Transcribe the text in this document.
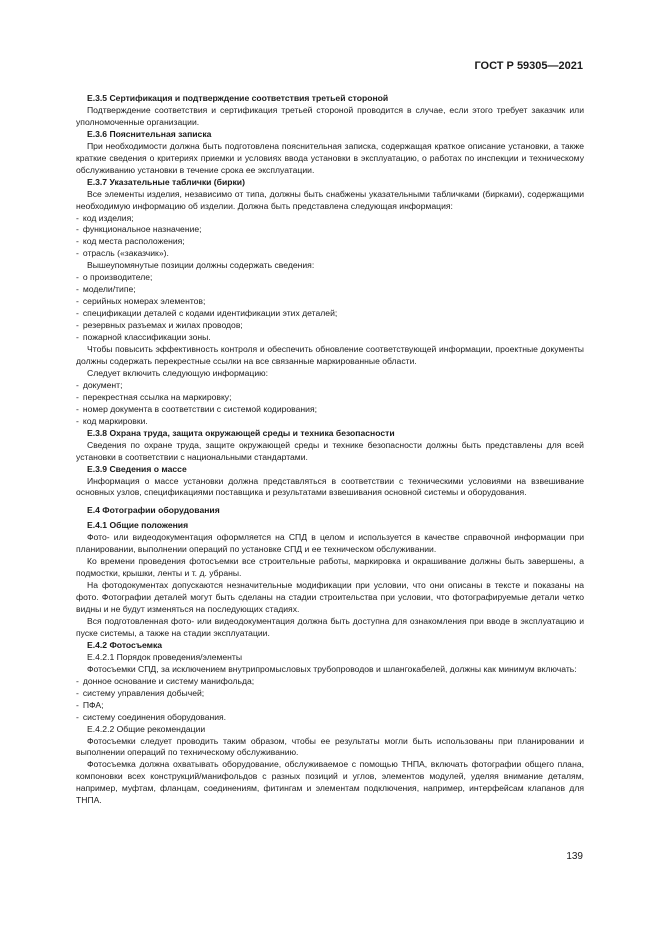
ГОСТ Р 59305—2021

Е.3.5 Сертификация и подтверждение соответствия третьей стороной

Подтверждение соответствия и сертификация третьей стороной проводится в случае, если этого требует заказчик или уполномоченные организации.

Е.3.6 Пояснительная записка

При необходимости должна быть подготовлена пояснительная записка, содержащая краткое описание установки, а также краткие сведения о критериях приемки и условиях ввода установки в эксплуатацию, о работах по инспекции и техническому обслуживанию установки в течение срока ее эксплуатации.

Е.3.7 Указательные таблички (бирки)

Все элементы изделия, независимо от типа, должны быть снабжены указательными табличками (бирками), содержащими необходимую информацию об изделии. Должна быть представлена следующая информация:

- код изделия;

- функциональное назначение;

- код места расположения;

- отрасль («заказчик»).

Вышеупомянутые позиции должны содержать сведения:

- о производителе;

- модели/типе;

- серийных номерах элементов;

- спецификации деталей с кодами идентификации этих деталей;

- резервных разъемах и жилах проводов;

- пожарной классификации зоны.

Чтобы повысить эффективность контроля и обеспечить обновление соответствующей информации, проектные документы должны содержать перекрестные ссылки на все связанные маркированные области.

Следует включить следующую информацию:

- документ;

- перекрестная ссылка на маркировку;

- номер документа в соответствии с системой кодирования;

- код маркировки.

Е.3.8 Охрана труда, защита окружающей среды и техника безопасности

Сведения по охране труда, защите окружающей среды и технике безопасности должны быть представлены для всей установки в соответствии с национальными стандартами.

Е.3.9 Сведения о массе

Информация о массе установки должна представляться в соответствии с техническими условиями на взвешивание основных узлов, спецификациями поставщика и результатами взвешивания основной системы и оборудования.

Е.4 Фотографии оборудования

Е.4.1 Общие положения

Фото- или видеодокументация оформляется на СПД в целом и используется в качестве справочной информации при планировании, выполнении операций по установке СПД и ее техническом обслуживании.

Ко времени проведения фотосъемки все строительные работы, маркировка и окрашивание должны быть завершены, а подмостки, крышки, ленты и т. д. убраны.

На фотодокументах допускаются незначительные модификации при условии, что они описаны в тексте и показаны на фото. Фотографии деталей могут быть сделаны на стадии строительства при условии, что фотографируемые детали четко видны и не будут изменяться на последующих стадиях.

Вся подготовленная фото- или видеодокументация должна быть доступна для ознакомления при вводе в эксплуатацию и пуске системы, а также на стадии эксплуатации.

Е.4.2 Фотосъемка

Е.4.2.1 Порядок проведения/элементы

Фотосъемки СПД, за исключением внутрипромысловых трубопроводов и шлангокабелей, должны как минимум включать:

- донное основание и систему манифольда;

- систему управления добычей;

- ПФА;

- систему соединения оборудования.

Е.4.2.2 Общие рекомендации

Фотосъемки следует проводить таким образом, чтобы ее результаты могли быть использованы при планировании и выполнении операций по техническому обслуживанию.

Фотосъемка должна охватывать оборудование, обслуживаемое с помощью ТНПА, включать фотографии общего плана, компоновки всех конструкций/манифольдов с разных позиций и углов, элементов модулей, уделяя внимание деталям, например, муфтам, фланцам, соединениям, фитингам и элементам подключения, например, интерфейсам клапанов для ТНПА.

139
